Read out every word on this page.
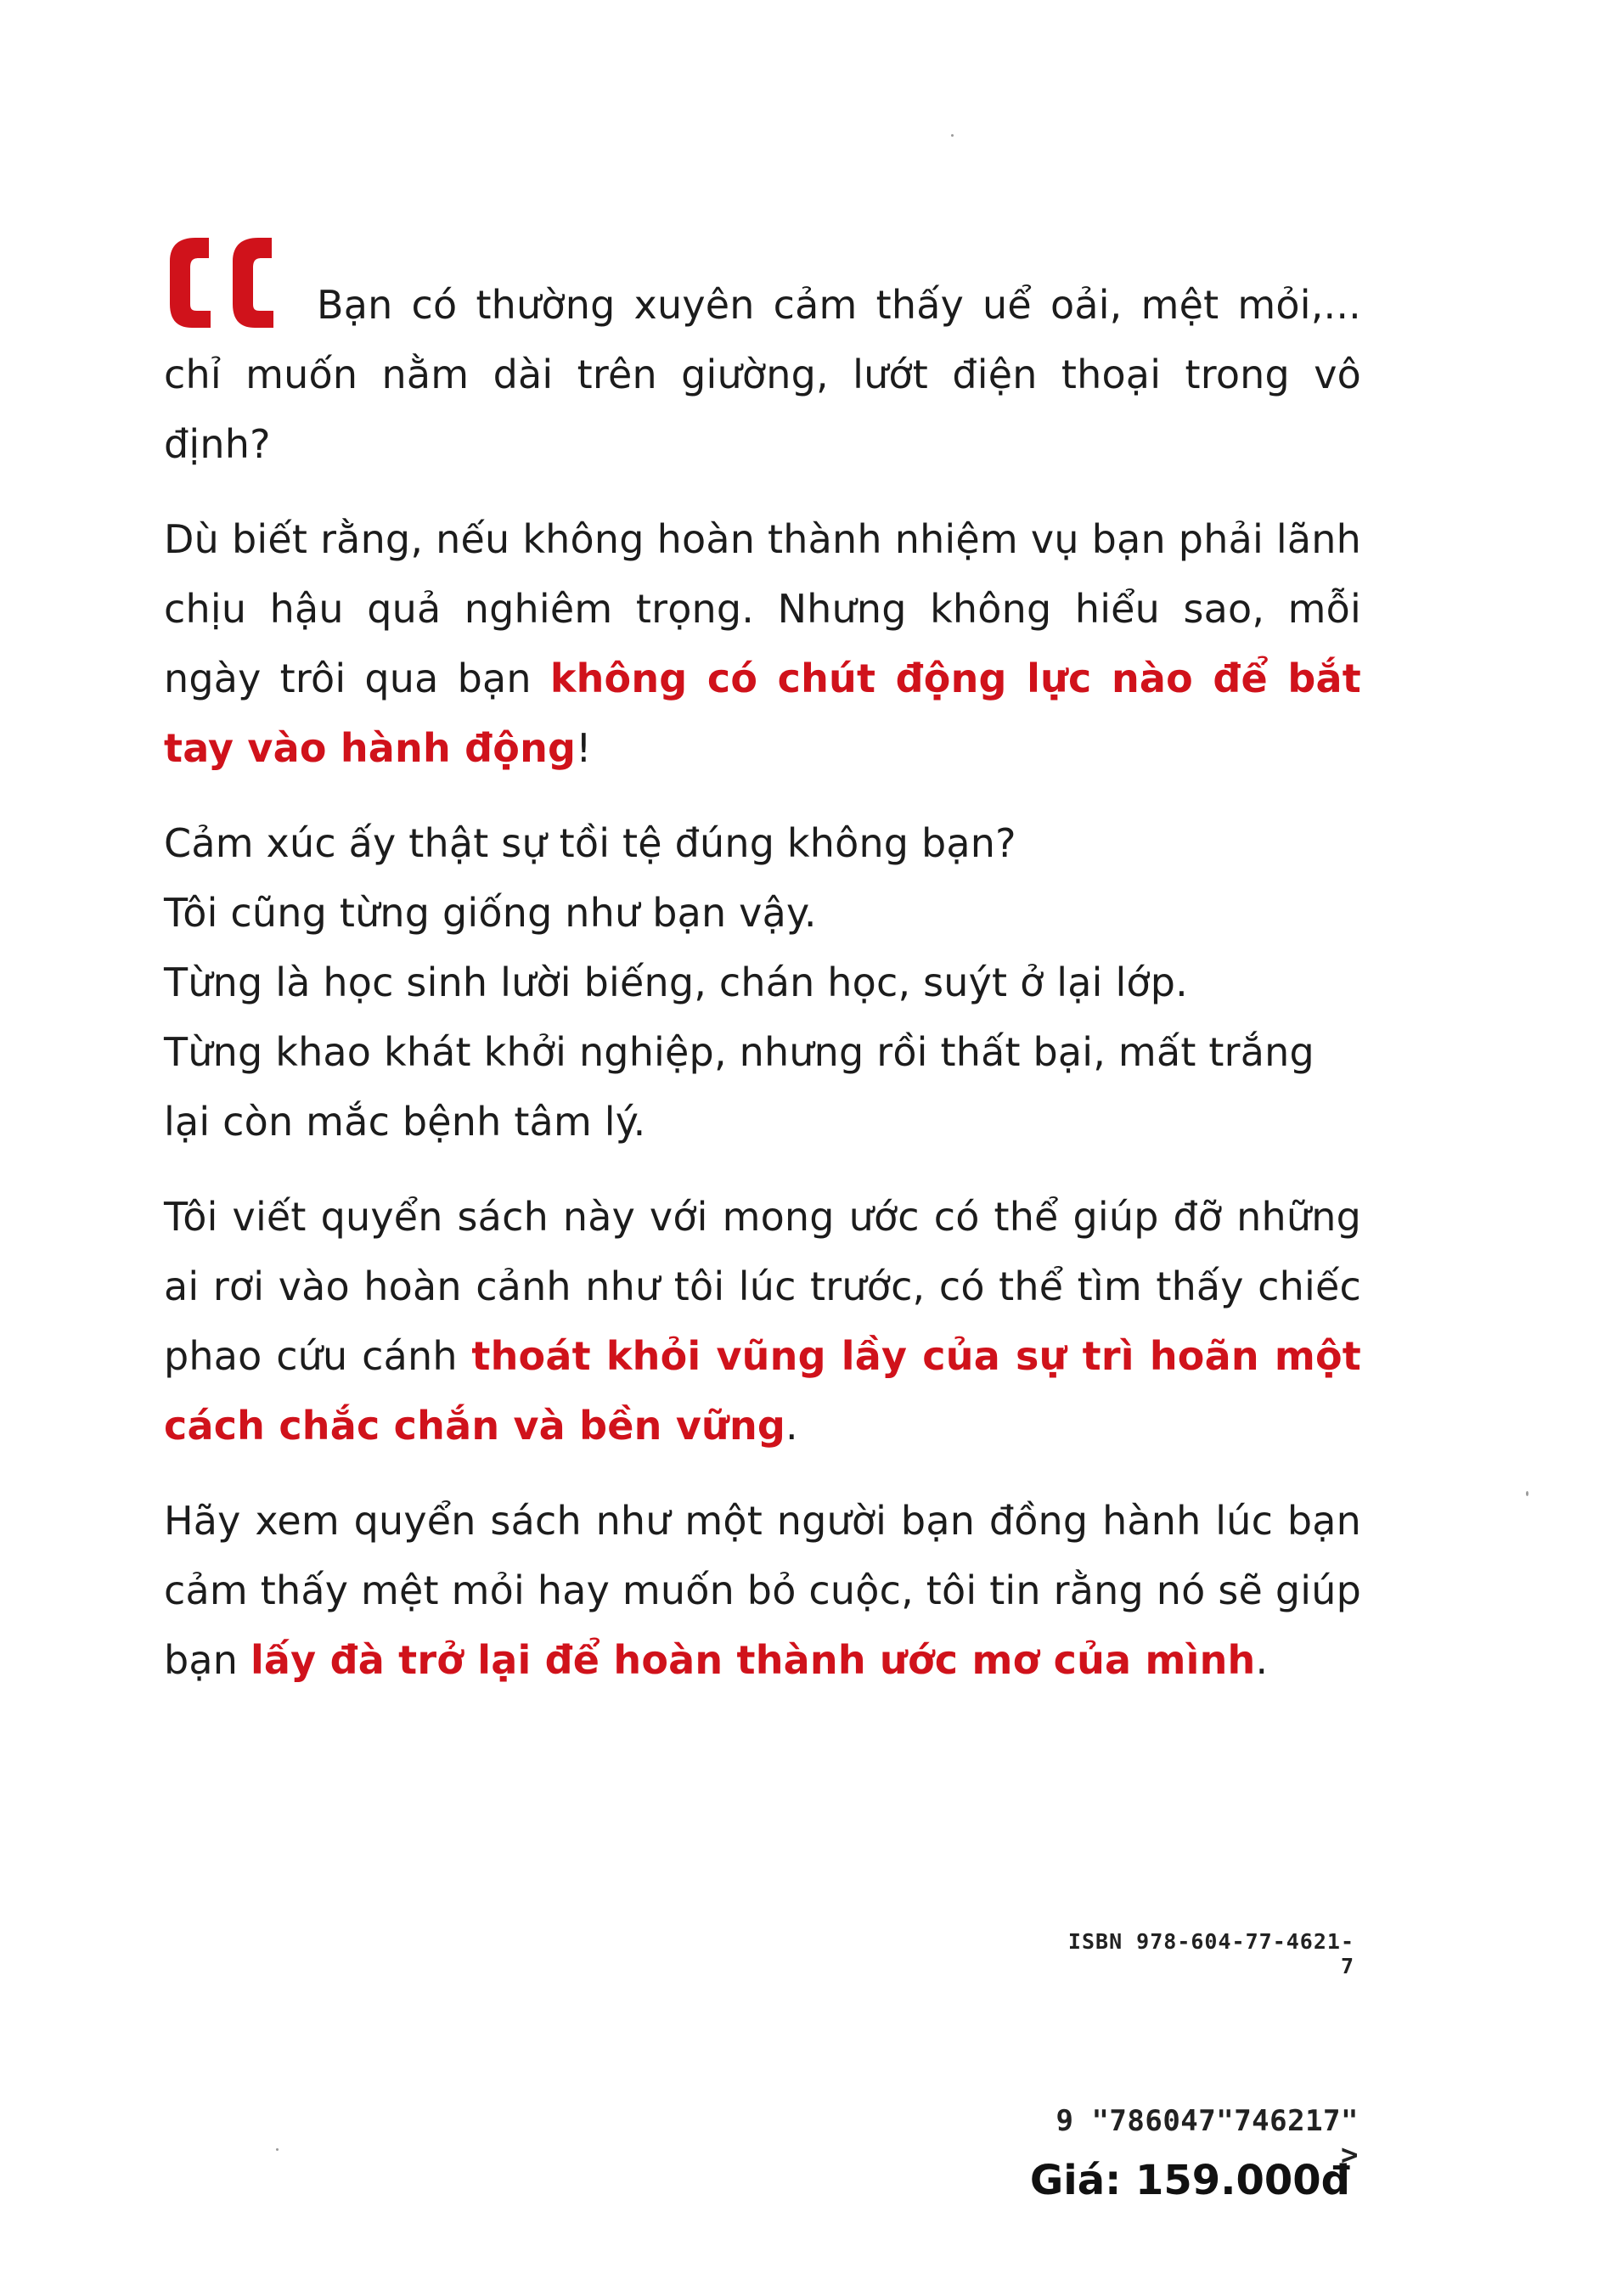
Bạn có thường xuyên cảm thấy uể oải, mệt mỏi,... chỉ muốn nằm dài trên giường, lướt điện thoại trong vô định?

Dù biết rằng, nếu không hoàn thành nhiệm vụ bạn phải lãnh chịu hậu quả nghiêm trọng. Nhưng không hiểu sao, mỗi ngày trôi qua bạn không có chút động lực nào để bắt tay vào hành động!

Cảm xúc ấy thật sự tồi tệ đúng không bạn?
Tôi cũng từng giống như bạn vậy.
Từng là học sinh lười biếng, chán học, suýt ở lại lớp.
Từng khao khát khởi nghiệp, nhưng rồi thất bại, mất trắng lại còn mắc bệnh tâm lý.

Tôi viết quyển sách này với mong ước có thể giúp đỡ những ai rơi vào hoàn cảnh như tôi lúc trước, có thể tìm thấy chiếc phao cứu cánh thoát khỏi vũng lầy của sự trì hoãn một cách chắc chắn và bền vững.

Hãy xem quyển sách như một người bạn đồng hành lúc bạn cảm thấy mệt mỏi hay muốn bỏ cuộc, tôi tin rằng nó sẽ giúp bạn lấy đà trở lại để hoàn thành ước mơ của mình.

ISBN 978-604-77-4621-7
9 "786047"746217" >
Giá: 159.000đ
